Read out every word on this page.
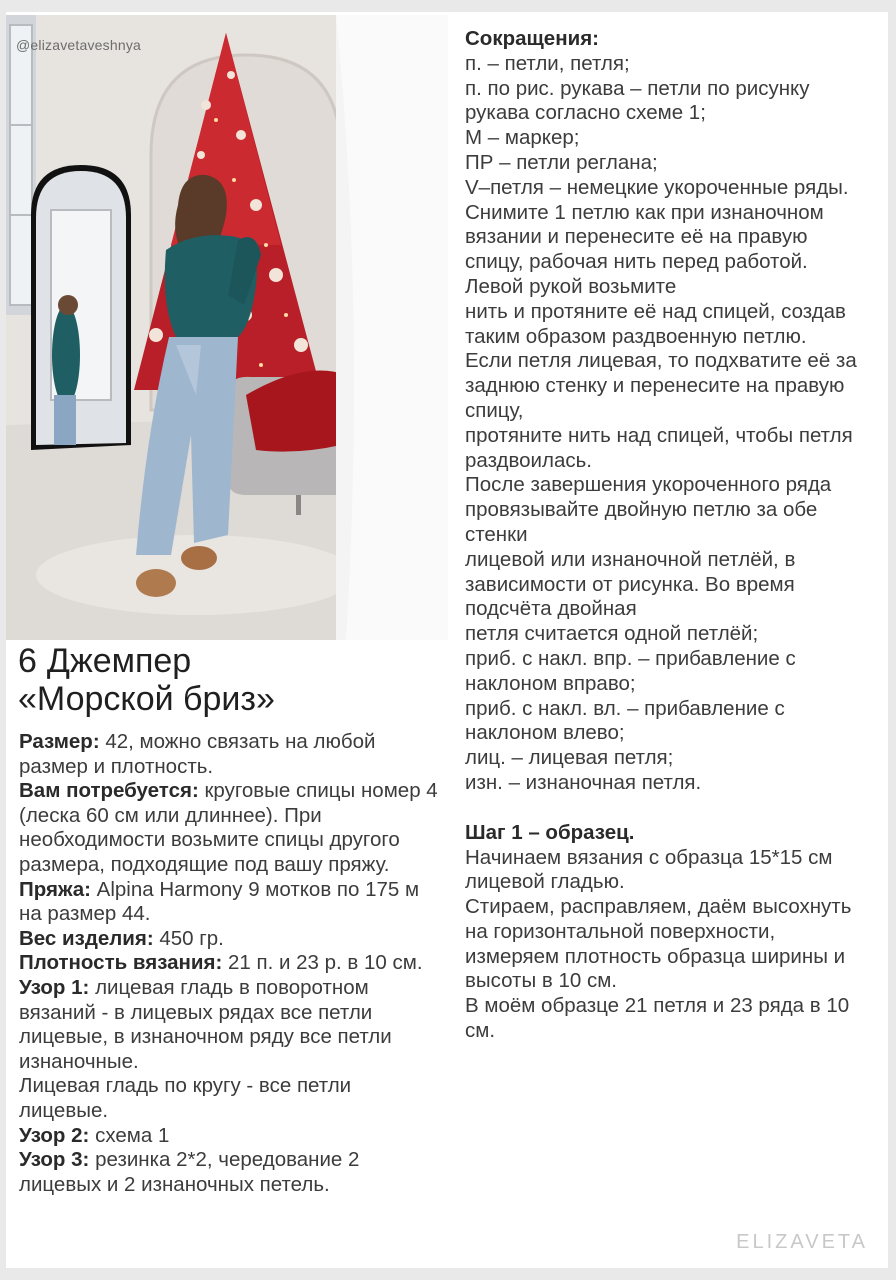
@elizavetaveshnya
6 Джемпер
«Морской бриз»

Размер: 42, можно связать на любой размер и плотность.

Вам потребуется: круговые спицы номер 4 (леска 60 см или длиннее). При необходимости возьмите спицы другого размера, подходящие под вашу пряжу.

Пряжа: Alpina Harmony 9 мотков по 175 м на размер 44.

Вес изделия: 450 гр.

Плотность вязания: 21 п. и 23 р. в 10 см.

Узор 1: лицевая гладь в поворотном вязаний - в лицевых рядах все петли лицевые, в изнаночном ряду все петли изнаночные.

Лицевая гладь по кругу - все петли лицевые.

Узор 2: схема 1

Узор 3: резинка 2*2, чередование 2 лицевых и 2 изнаночных петель.

Сокращения:

п. – петли, петля;

п. по рис. рукава – петли по рисунку рукава согласно схеме 1;

М – маркер;

ПР – петли реглана;

V–петля – немецкие укороченные ряды. Снимите 1 петлю как при изнаночном вязании и перенесите её на правую спицу, рабочая нить перед работой. Левой рукой возьмите

нить и протяните её над спицей, создав таким образом раздвоенную петлю.

Если петля лицевая, то подхватите её за заднюю стенку и перенесите на правую спицу,

протяните нить над спицей, чтобы петля раздвоилась.

После завершения укороченного ряда провязывайте двойную петлю за обе стенки

лицевой или изнаночной петлёй, в зависимости от рисунка. Во время подсчёта двойная

петля считается одной петлёй;

приб. с накл. впр. – прибавление с наклоном вправо;

приб. с накл. вл. – прибавление с наклоном влево;

лиц. – лицевая петля;

изн. – изнаночная петля.

Шаг 1 – образец.

Начинаем вязания с образца 15*15 см лицевой гладью.

Стираем, расправляем, даём высохнуть на горизонтальной поверхности, измеряем плотность образца ширины и высоты в 10 см.

В моём образце 21 петля и 23 ряда в 10 см.

ELIZAVETA
